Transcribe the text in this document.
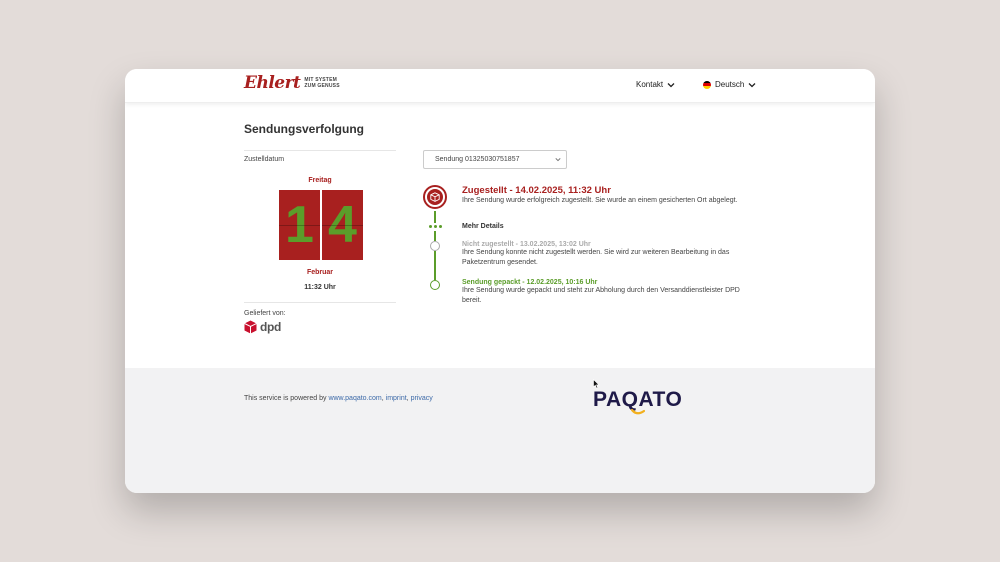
Ehlert MIT SYSTEM
ZUM GENUSS	Kontakt	Deutsch
Sendungsverfolgung
Zustelldatum
Freitag
1 4
Februar
11:32 Uhr
Geliefert von:
dpd
Sendung 01325030751857
Zugestellt - 14.02.2025, 11:32 Uhr
Ihre Sendung wurde erfolgreich zugestellt. Sie wurde an einem gesicherten Ort abgelegt.
Mehr Details
Nicht zugestellt - 13.02.2025, 13:02 Uhr
Ihre Sendung konnte nicht zugestellt werden. Sie wird zur weiteren Bearbeitung in das
Paketzentrum gesendet.
Sendung gepackt - 12.02.2025, 10:16 Uhr
Ihre Sendung wurde gepackt und steht zur Abholung durch den Versanddienstleister DPD
bereit.
This service is powered by www.paqato.com, imprint, privacy	PAQATO
